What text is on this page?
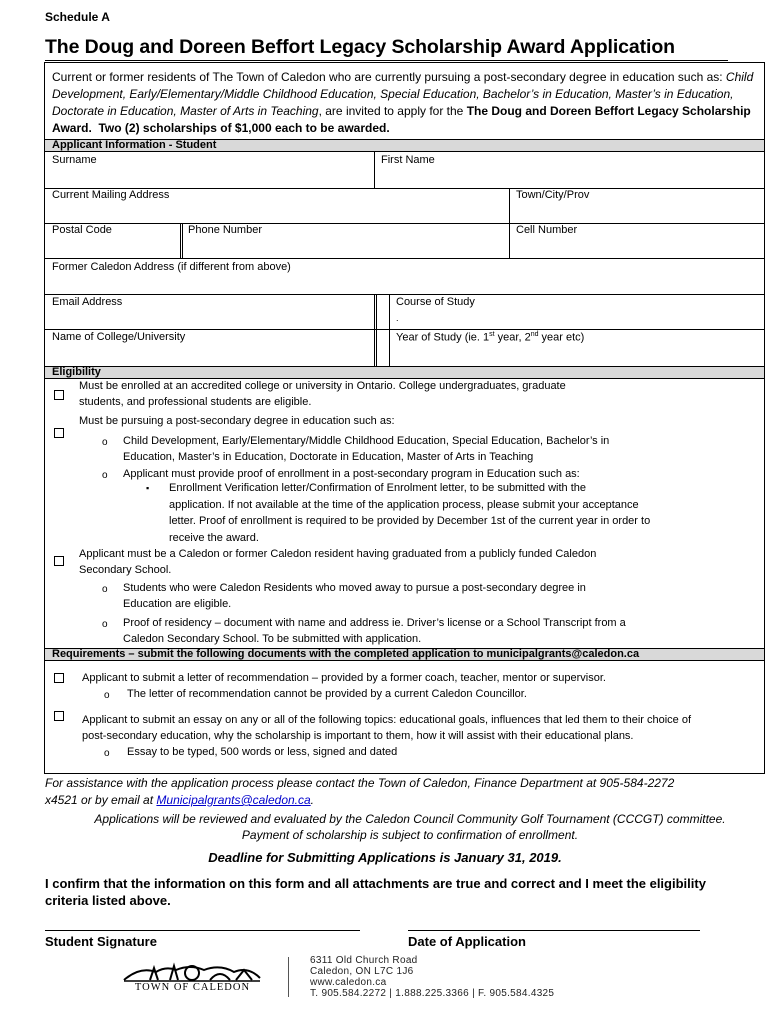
Schedule A
The Doug and Doreen Beffort Legacy Scholarship Award Application
Current or former residents of The Town of Caledon who are currently pursuing a post-secondary degree in education such as: Child Development, Early/Elementary/Middle Childhood Education, Special Education, Bachelor’s in Education, Master’s in Education, Doctorate in Education, Master of Arts in Teaching, are invited to apply for the The Doug and Doreen Beffort Legacy Scholarship Award. Two (2) scholarships of $1,000 each to be awarded.
Applicant Information - Student
Surname	First Name
Current Mailing Address	Town/City/Prov
Postal Code	Phone Number	Cell Number
Former Caledon Address (if different from above)
Email Address	Course of Study
.
Name of College/University	Year of Study (ie. 1st year, 2nd year etc)
Eligibility
Must be enrolled at an accredited college or university in Ontario. College undergraduates, graduate
students, and professional students are eligible.
Must be pursuing a post-secondary degree in education such as:
o Child Development, Early/Elementary/Middle Childhood Education, Special Education, Bachelor’s in
Education, Master’s in Education, Doctorate in Education, Master of Arts in Teaching
o Applicant must provide proof of enrollment in a post-secondary program in Education such as:
▪ Enrollment Verification letter/Confirmation of Enrolment letter, to be submitted with the
application. If not available at the time of the application process, please submit your acceptance
letter. Proof of enrollment is required to be provided by December 1st of the current year in order to
receive the award.
Applicant must be a Caledon or former Caledon resident having graduated from a publicly funded Caledon
Secondary School.
o Students who were Caledon Residents who moved away to pursue a post-secondary degree in
Education are eligible.
o Proof of residency – document with name and address ie. Driver’s license or a School Transcript from a
Caledon Secondary School. To be submitted with application.
Requirements – submit the following documents with the completed application to municipalgrants@caledon.ca
Applicant to submit a letter of recommendation – provided by a former coach, teacher, mentor or supervisor.
o The letter of recommendation cannot be provided by a current Caledon Councillor.
Applicant to submit an essay on any or all of the following topics: educational goals, influences that led them to their choice of
post-secondary education, why the scholarship is important to them, how it will assist with their educational plans.
o Essay to be typed, 500 words or less, signed and dated
For assistance with the application process please contact the Town of Caledon, Finance Department at 905-584-2272
x4521 or by email at Municipalgrants@caledon.ca.
Applications will be reviewed and evaluated by the Caledon Council Community Golf Tournament (CCCGT) committee.
Payment of scholarship is subject to confirmation of enrollment.
Deadline for Submitting Applications is January 31, 2019.
I confirm that the information on this form and all attachments are true and correct and I meet the eligibility criteria listed above.
Student Signature	Date of Application
TOWN OF CALEDON
6311 Old Church Road
Caledon, ON L7C 1J6
www.caledon.ca
T. 905.584.2272 | 1.888.225.3366 | F. 905.584.4325
